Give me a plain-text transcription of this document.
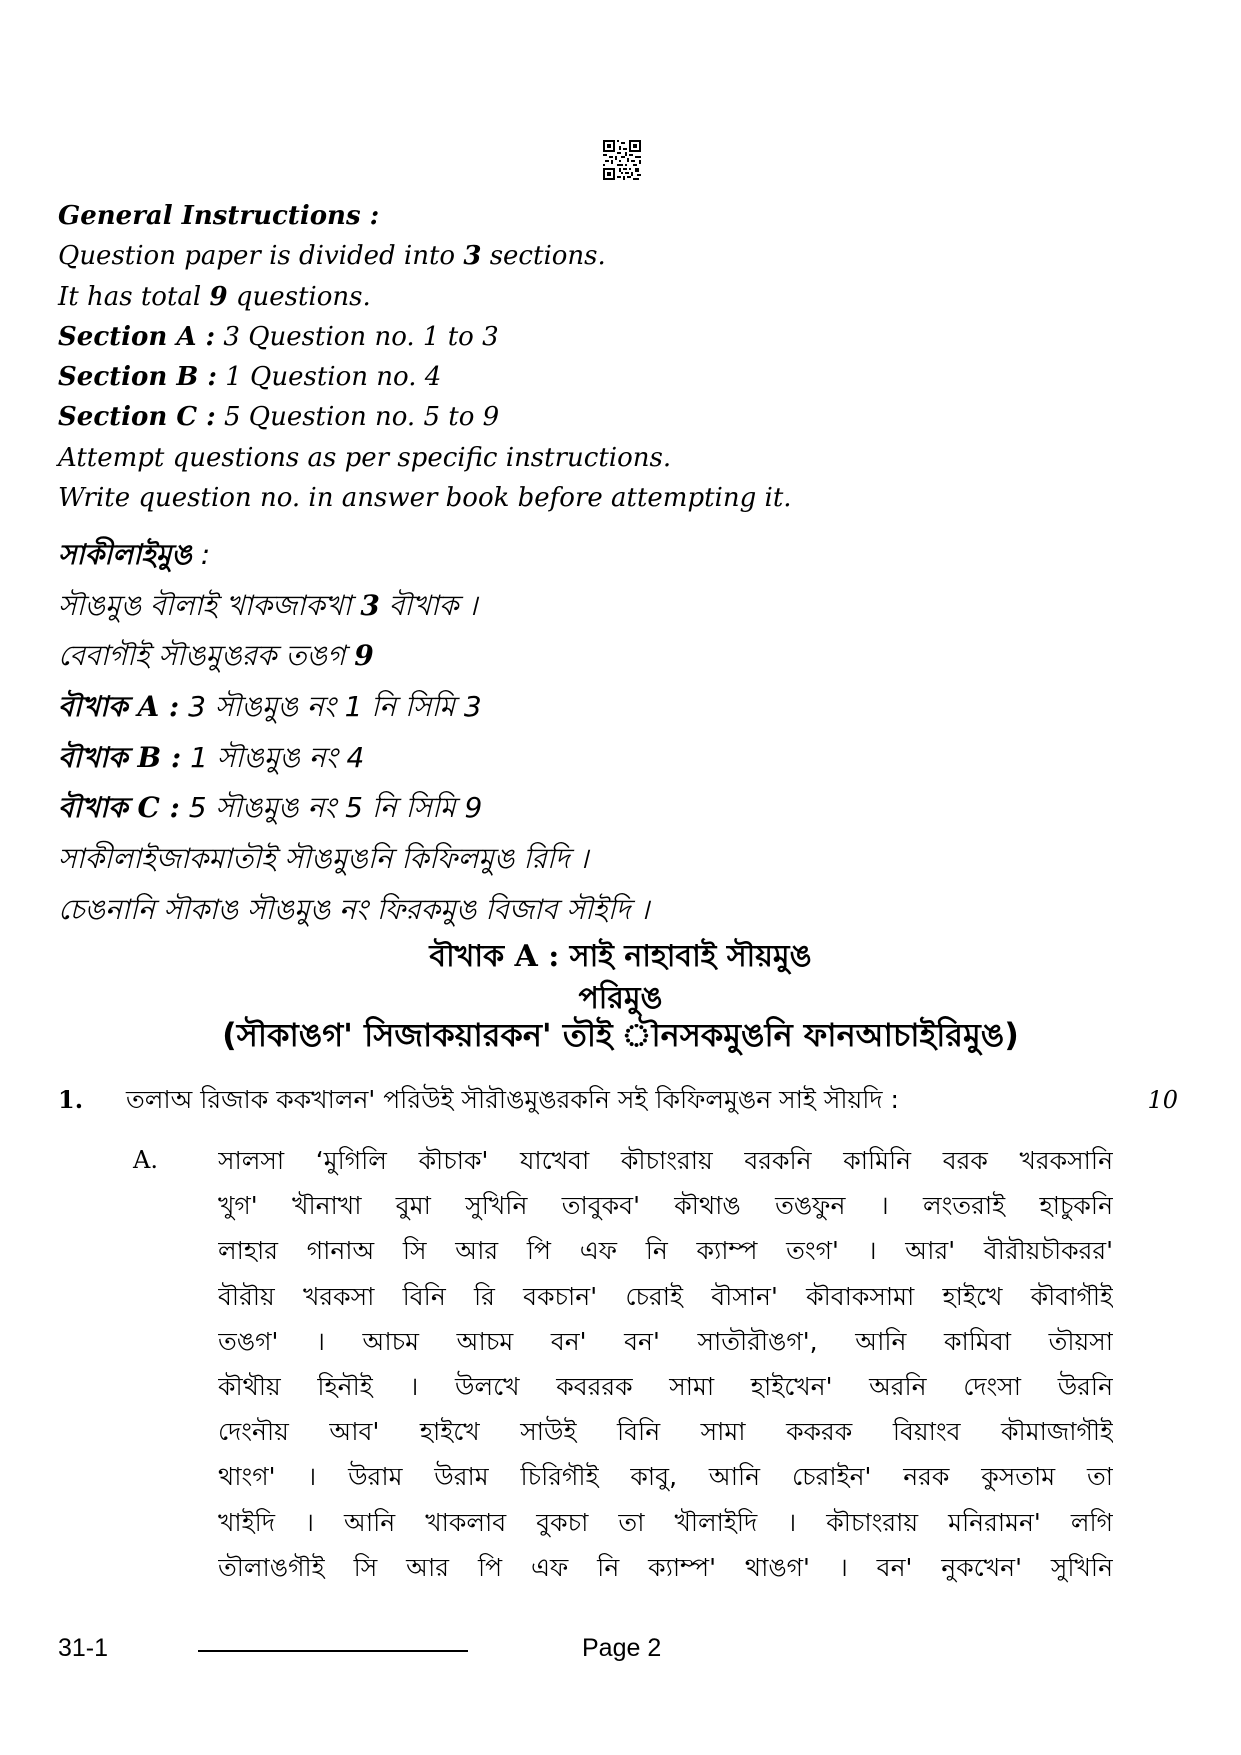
General Instructions :
Question paper is divided into 3 sections.
It has total 9 questions.
Section A : 3 Question no. 1 to 3
Section B : 1 Question no. 4
Section C : 5 Question no. 5 to 9
Attempt questions as per specific instructions.
Write question no. in answer book before attempting it.
সাকীলাইমুঙ :
সৗঙমুঙ বৗলাই খাকজাকখা 3 বৗখাক ।
বেবাগৗই সৗঙমুঙরক তঙগ 9
বৗখাক A : 3 সৗঙমুঙ নং 1 নি সিমি 3
বৗখাক B : 1 সৗঙমুঙ নং 4
বৗখাক C : 5 সৗঙমুঙ নং 5 নি সিমি 9
সাকীলাইজাকমাতৗই সৗঙমুঙনি কিফিলমুঙ রিদি ।
চেঙনানি সৗকাঙ সৗঙমুঙ নং ফিরকমুঙ বিজাব সৗইদি ।
বৗখাক A : সাই নাহাবাই সৗয়মুঙ
পরিমুঙ
(সৗকাঙগ' সিজাকয়ারকন' তৗই ৗনসকমুঙনি ফানআচাইরিমুঙ)
1. তলাঅ রিজাক ককখালন' পরিউই সৗরৗঙমুঙরকনি সই কিফিলমুঙন সাই সৗয়দি :	10
A. সালসা ‘মুগিলি কৗচাক' যাখেবা কৗচাংরায় বরকনি কামিনি বরক খরকসানি
খুগ' খৗনাখা বুমা সুখিনি তাবুকব' কৗথাঙ তঙফুন । লংতরাই হাচুকনি
লাহার গানাঅ সি আর পি এফ নি ক্যাম্প তংগ' । আর' বৗরৗয়চৗকরর'
বৗরৗয় খরকসা বিনি রি বকচান' চেরাই বৗসান' কৗবাকসামা হাইখে কৗবাগৗই
তঙগ' । আচম আচম বন' বন' সাতৗরৗঙগ', আনি কামিবা তৗয়সা
কৗথৗয় হিনৗই । উলখে কবররক সামা হাইখেন' অরনি দেংসা উরনি
দেংনৗয় আব' হাইখে সাউই বিনি সামা ককরক বিয়াংব কৗমাজাগৗই
থাংগ' । উরাম উরাম চিরিগৗই কাবু, আনি চেরাইন' নরক কুসতাম তা
খাইদি । আনি খাকলাব বুকচা তা খৗলাইদি । কৗচাংরায় মনিরামন' লগি
তৗলাঙগৗই সি আর পি এফ নি ক্যাম্প' থাঙগ' । বন' নুকখেন' সুখিনি
31-1	Page 2
